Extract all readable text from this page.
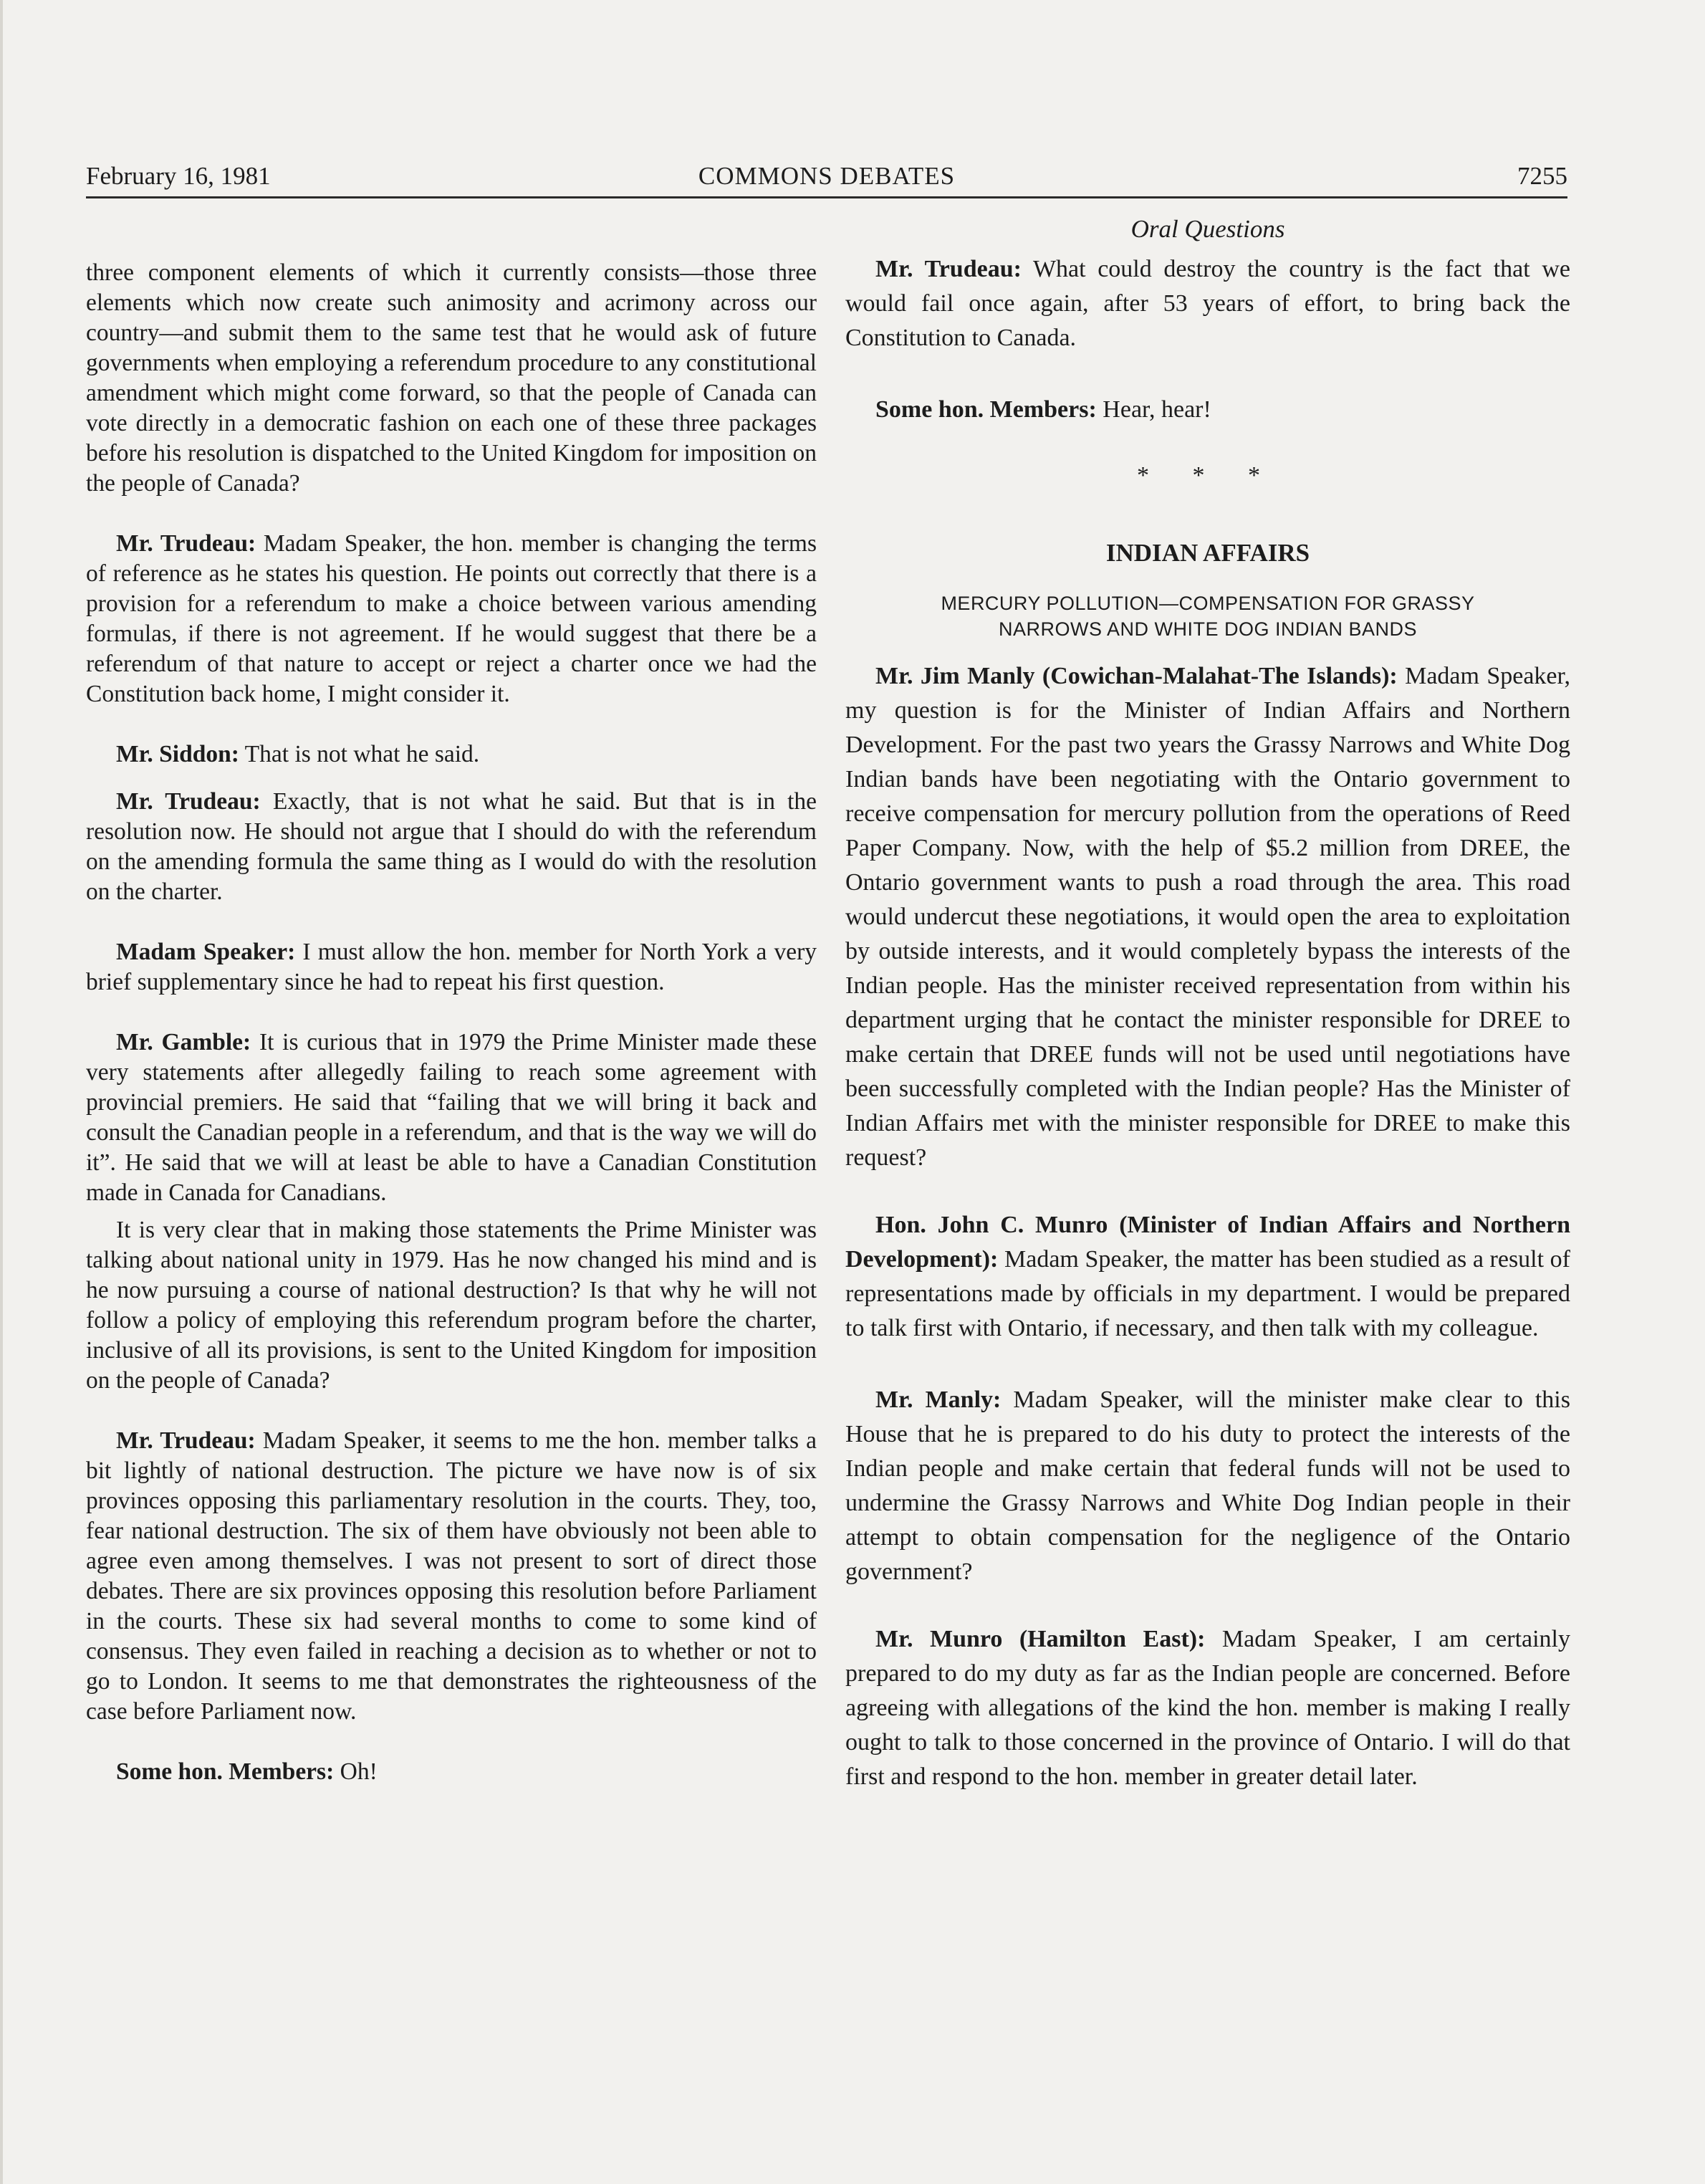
February 16, 1981	COMMONS DEBATES	7255

three component elements of which it currently consists—those three elements which now create such animosity and acrimony across our country—and submit them to the same test that he would ask of future governments when employing a referendum procedure to any constitutional amendment which might come forward, so that the people of Canada can vote directly in a democratic fashion on each one of these three packages before his resolution is dispatched to the United Kingdom for imposition on the people of Canada?

Mr. Trudeau: Madam Speaker, the hon. member is changing the terms of reference as he states his question. He points out correctly that there is a provision for a referendum to make a choice between various amending formulas, if there is not agreement. If he would suggest that there be a referendum of that nature to accept or reject a charter once we had the Constitution back home, I might consider it.

Mr. Siddon: That is not what he said.

Mr. Trudeau: Exactly, that is not what he said. But that is in the resolution now. He should not argue that I should do with the referendum on the amending formula the same thing as I would do with the resolution on the charter.

Madam Speaker: I must allow the hon. member for North York a very brief supplementary since he had to repeat his first question.

Mr. Gamble: It is curious that in 1979 the Prime Minister made these very statements after allegedly failing to reach some agreement with provincial premiers. He said that “failing that we will bring it back and consult the Canadian people in a referendum, and that is the way we will do it”. He said that we will at least be able to have a Canadian Constitution made in Canada for Canadians.

It is very clear that in making those statements the Prime Minister was talking about national unity in 1979. Has he now changed his mind and is he now pursuing a course of national destruction? Is that why he will not follow a policy of employing this referendum program before the charter, inclusive of all its provisions, is sent to the United Kingdom for imposition on the people of Canada?

Mr. Trudeau: Madam Speaker, it seems to me the hon. member talks a bit lightly of national destruction. The picture we have now is of six provinces opposing this parliamentary resolution in the courts. They, too, fear national destruction. The six of them have obviously not been able to agree even among themselves. I was not present to sort of direct those debates. There are six provinces opposing this resolution before Parliament in the courts. These six had several months to come to some kind of consensus. They even failed in reaching a decision as to whether or not to go to London. It seems to me that demonstrates the righteousness of the case before Parliament now.

Some hon. Members: Oh!

Oral Questions

Mr. Trudeau: What could destroy the country is the fact that we would fail once again, after 53 years of effort, to bring back the Constitution to Canada.

Some hon. Members: Hear, hear!

* * *
INDIAN AFFAIRS
MERCURY POLLUTION—COMPENSATION FOR GRASSY
NARROWS AND WHITE DOG INDIAN BANDS

Mr. Jim Manly (Cowichan-Malahat-The Islands): Madam Speaker, my question is for the Minister of Indian Affairs and Northern Development. For the past two years the Grassy Narrows and White Dog Indian bands have been negotiating with the Ontario government to receive compensation for mercury pollution from the operations of Reed Paper Company. Now, with the help of $5.2 million from DREE, the Ontario government wants to push a road through the area. This road would undercut these negotiations, it would open the area to exploitation by outside interests, and it would completely bypass the interests of the Indian people. Has the minister received representation from within his department urging that he contact the minister responsible for DREE to make certain that DREE funds will not be used until negotiations have been successfully completed with the Indian people? Has the Minister of Indian Affairs met with the minister responsible for DREE to make this request?

Hon. John C. Munro (Minister of Indian Affairs and Northern Development): Madam Speaker, the matter has been studied as a result of representations made by officials in my department. I would be prepared to talk first with Ontario, if necessary, and then talk with my colleague.

Mr. Manly: Madam Speaker, will the minister make clear to this House that he is prepared to do his duty to protect the interests of the Indian people and make certain that federal funds will not be used to undermine the Grassy Narrows and White Dog Indian people in their attempt to obtain compensation for the negligence of the Ontario government?

Mr. Munro (Hamilton East): Madam Speaker, I am certainly prepared to do my duty as far as the Indian people are concerned. Before agreeing with allegations of the kind the hon. member is making I really ought to talk to those concerned in the province of Ontario. I will do that first and respond to the hon. member in greater detail later.
